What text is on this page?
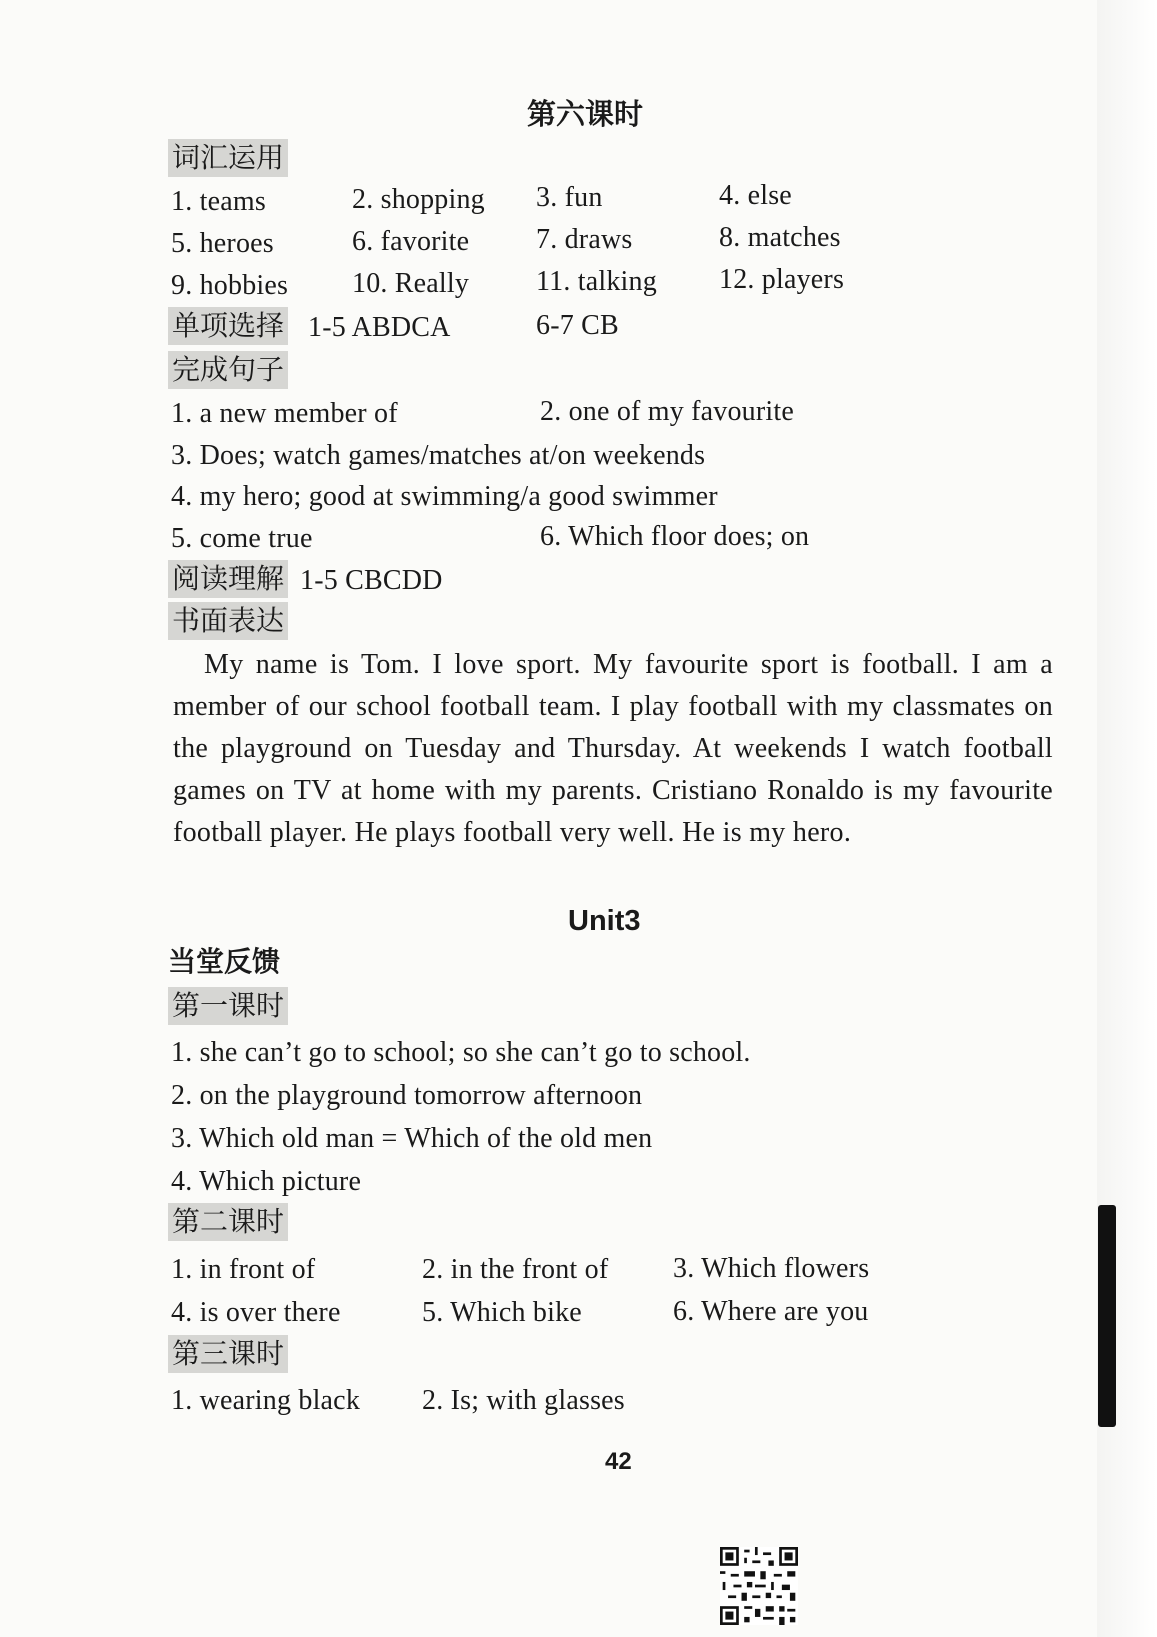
第六课时
词汇运用
1. teams	2. shopping 3. fun	4. else
5. heroes	6. favorite 7. draws	8. matches
9. hobbies 10. Really 11. talking 12. players
单项选择 1-5 ABDCA	6-7 CB
完成句子
1. a new member of	2. one of my favourite
3. Does; watch games/matches at/on weekends
4. my hero; good at swimming/a good swimmer
5. come true	6. Which floor does; on
阅读理解 1-5 CBCDD
书面表达

My name is Tom. I love sport. My favourite sport is football. I am a member of our school football team. I play football with my classmates on the playground on Tuesday and Thursday. At weekends I watch football games on TV at home with my parents. Cristiano Ronaldo is my favourite football player. He plays football very well. He is my hero.

Unit3
当堂反馈
第一课时
1. she can’t go to school; so she can’t go to school.
2. on the playground tomorrow afternoon
3. Which old man = Which of the old men
4. Which picture
第二课时
1. in front of	2. in the front of 3. Which flowers
4. is over there	5. Which bike	6. Where are you
第三课时
1. wearing black 2. Is; with glasses
42
